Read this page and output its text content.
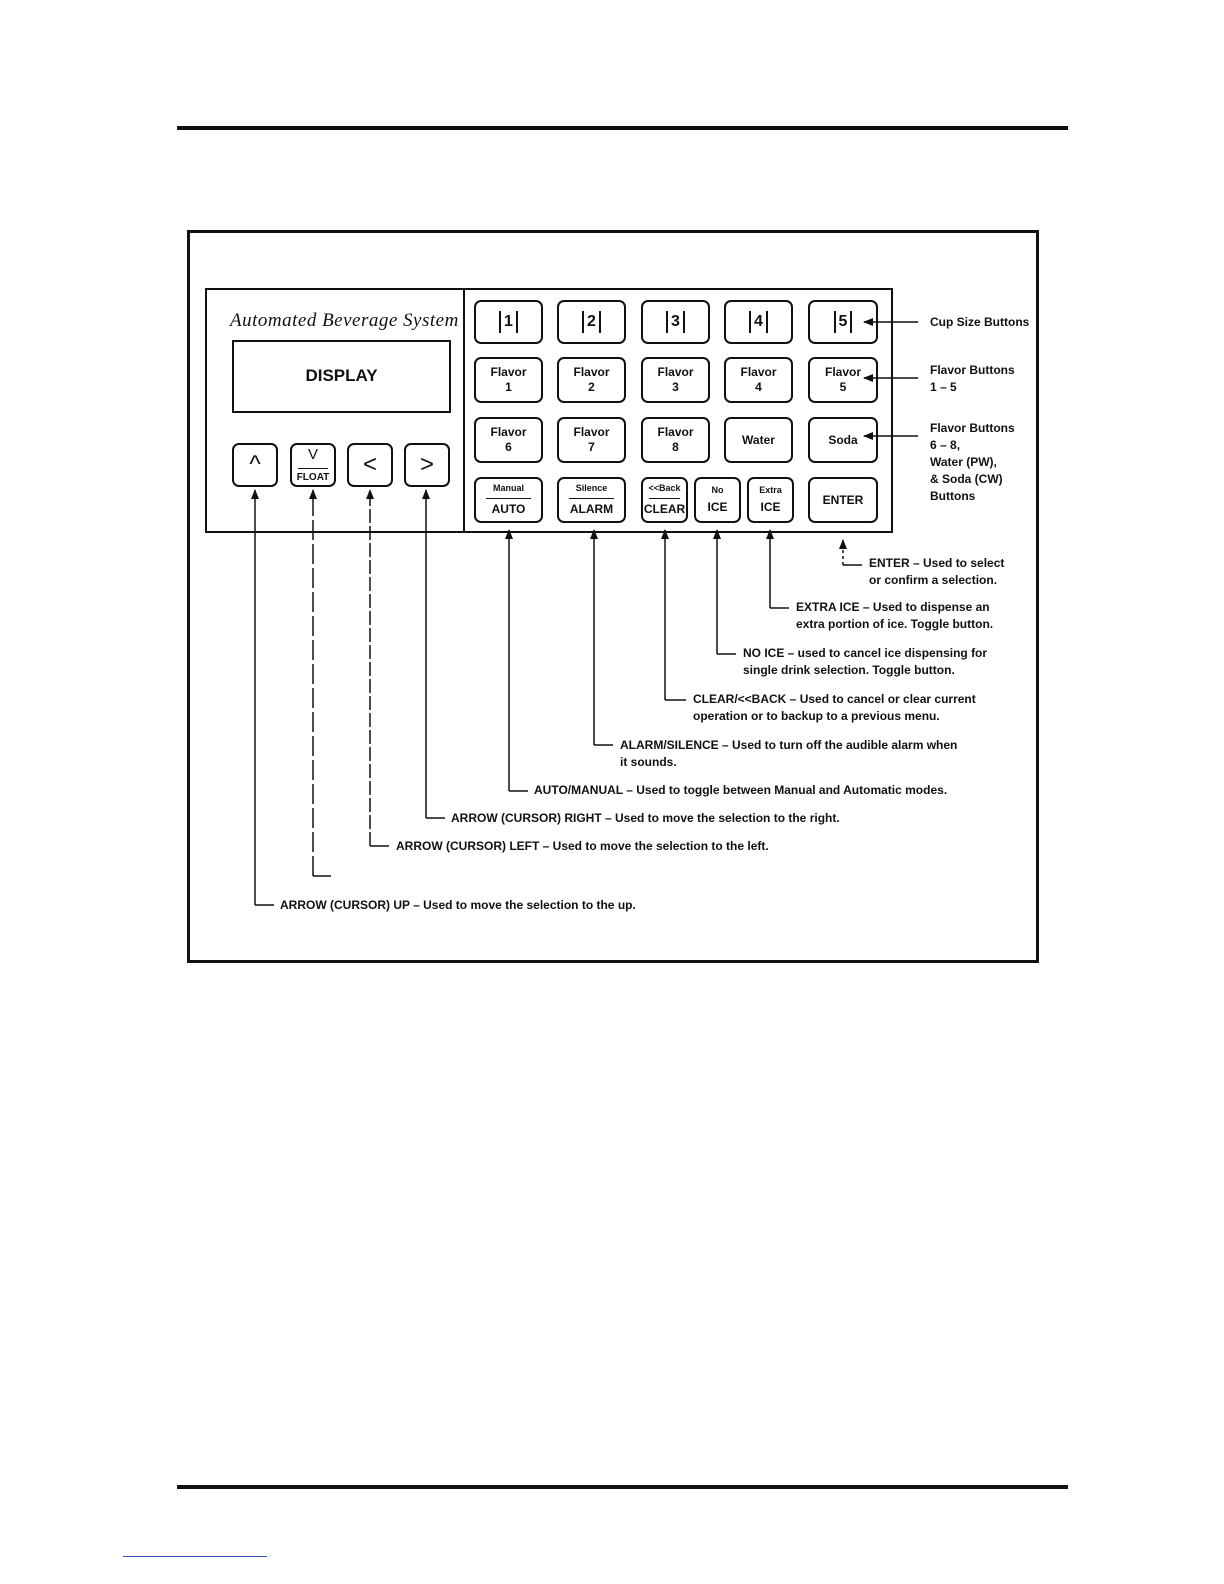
Automated Beverage System
DISPLAY
^	V
FLOAT < >
1	2	3	4	5
Flavor
1
Flavor
2
Flavor
3
Flavor
4
Flavor
5
Flavor
6
Flavor
7
Flavor
8
Water	Soda
Manual
AUTO
Silence
ALARM
<<Back
CLEAR
No
ICE
Extra
ICE
ENTER
Cup Size Buttons
Flavor Buttons
1 – 5
Flavor Buttons
6 – 8,
Water (PW),
& Soda (CW)
Buttons
ENTER – Used to select
or confirm a selection.
EXTRA ICE – Used to dispense an
extra portion of ice. Toggle button.
NO ICE – used to cancel ice dispensing for
single drink selection. Toggle button.
CLEAR/<<BACK – Used to cancel or clear current
operation or to backup to a previous menu.
ALARM/SILENCE – Used to turn off the audible alarm when
it sounds.
AUTO/MANUAL – Used to toggle between Manual and Automatic modes.
ARROW (CURSOR) RIGHT – Used to move the selection to the right.
ARROW (CURSOR) LEFT – Used to move the selection to the left.
ARROW (CURSOR) UP – Used to move the selection to the up.
